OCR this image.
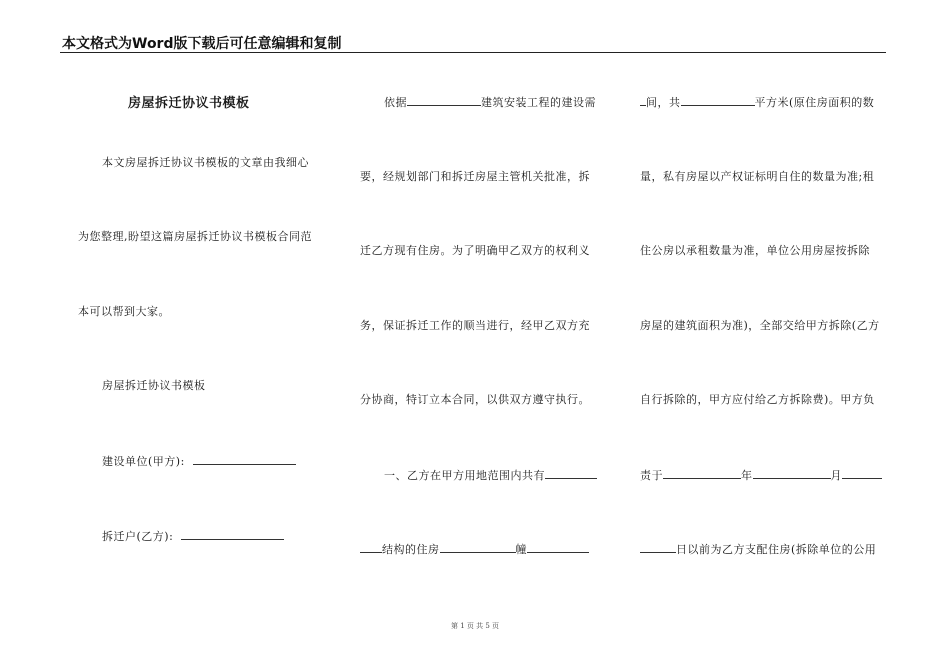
本文格式为Word版下载后可任意编辑和复制
房屋拆迁协议书模板
本文房屋拆迁协议书模板的文章由我细心
为您整理,盼望这篇房屋拆迁协议书模板合同范
本可以帮到大家。
房屋拆迁协议书模板
建设单位(甲方):
拆迁户(乙方):
依据	建筑安装工程的建设需
要，经规划部门和拆迁房屋主管机关批准，拆
迁乙方现有住房。为了明确甲乙双方的权利义
务，保证拆迁工作的顺当进行，经甲乙双方充
分协商，特订立本合同，以供双方遵守执行。
一、乙方在甲方用地范围内共有
结构的住房	幢
间，共	平方米(原住房面积的数
量，私有房屋以产权证标明自住的数量为准;租
住公房以承租数量为准，单位公用房屋按拆除
房屋的建筑面积为准)，全部交给甲方拆除(乙方
自行拆除的，甲方应付给乙方拆除费)。甲方负
责于	年	月
日以前为乙方支配住房(拆除单位的公用
第 1 页 共 5 页
